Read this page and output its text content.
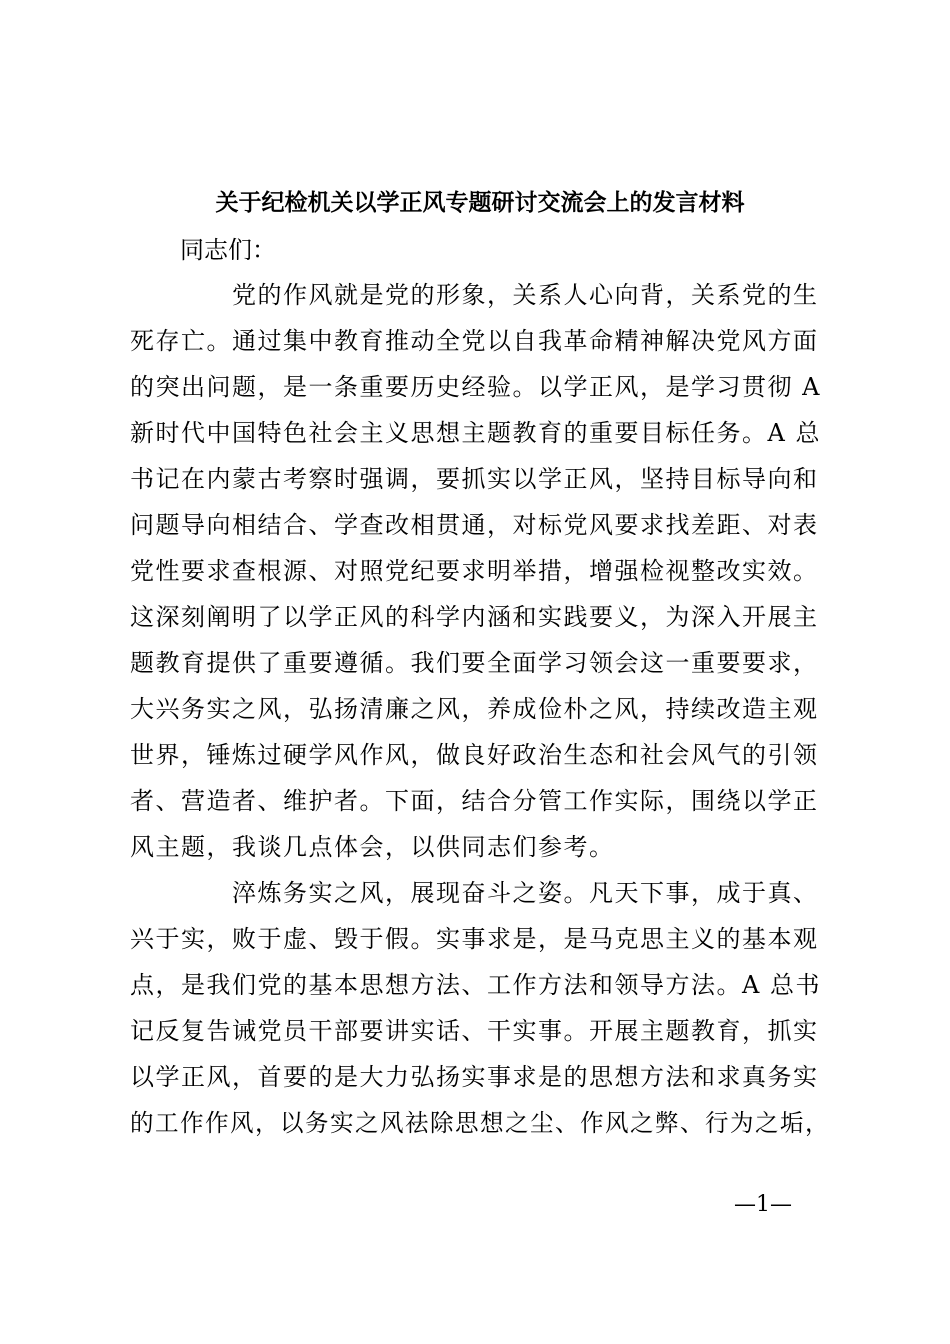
关于纪检机关以学正风专题研讨交流会上的发言材料
同志们：
党的作风就是党的形象，关系人心向背，关系党的生
死存亡。通过集中教育推动全党以自我革命精神解决党风方面
的突出问题，是一条重要历史经验。以学正风，是学习贯彻 A
新时代中国特色社会主义思想主题教育的重要目标任务。A 总
书记在内蒙古考察时强调，要抓实以学正风，坚持目标导向和
问题导向相结合、学查改相贯通，对标党风要求找差距、对表
党性要求查根源、对照党纪要求明举措，增强检视整改实效。
这深刻阐明了以学正风的科学内涵和实践要义，为深入开展主
题教育提供了重要遵循。我们要全面学习领会这一重要要求，
大兴务实之风，弘扬清廉之风，养成俭朴之风，持续改造主观
世界，锤炼过硬学风作风，做良好政治生态和社会风气的引领
者、营造者、维护者。下面，结合分管工作实际，围绕以学正
风主题，我谈几点体会，以供同志们参考。
淬炼务实之风，展现奋斗之姿。凡天下事，成于真、
兴于实，败于虚、毁于假。实事求是，是马克思主义的基本观
点，是我们党的基本思想方法、工作方法和领导方法。A 总书
记反复告诫党员干部要讲实话、干实事。开展主题教育，抓实
以学正风，首要的是大力弘扬实事求是的思想方法和求真务实
的工作作风，以务实之风祛除思想之尘、作风之弊、行为之垢，
—1—
